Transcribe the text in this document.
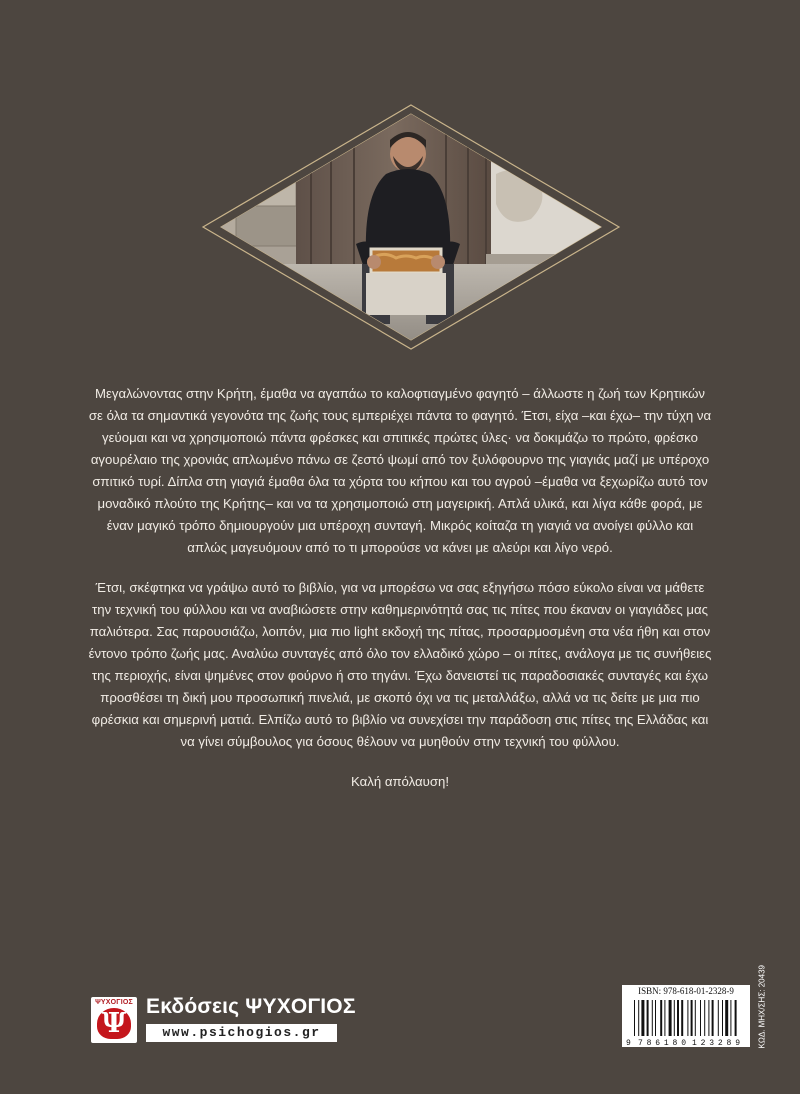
Μεγαλώνοντας στην Κρήτη, έμαθα να αγαπάω το καλοφτιαγμένο φαγητό – άλλωστε η ζωή των Κρητικών σε όλα τα σημαντικά γεγονότα της ζωής τους εμπεριέχει πάντα το φαγητό. Έτσι, είχα –και έχω– την τύχη να γεύομαι και να χρησιμοποιώ πάντα φρέσκες και σπιτικές πρώτες ύλες· να δοκιμάζω το πρώτο, φρέσκο αγουρέλαιο της χρονιάς απλωμένο πάνω σε ζεστό ψωμί από τον ξυλόφουρνο της γιαγιάς μαζί με υπέροχο σπιτικό τυρί. Δίπλα στη γιαγιά έμαθα όλα τα χόρτα του κήπου και του αγρού –έμαθα να ξεχωρίζω αυτό τον μοναδικό πλούτο της Κρήτης– και να τα χρησιμοποιώ στη μαγειρική. Απλά υλικά, και λίγα κάθε φορά, με έναν μαγικό τρόπο δημιουργούν μια υπέροχη συνταγή. Μικρός κοίταζα τη γιαγιά να ανοίγει φύλλο και απλώς μαγευόμουν από το τι μπορούσε να κάνει με αλεύρι και λίγο νερό.

Έτσι, σκέφτηκα να γράψω αυτό το βιβλίο, για να μπορέσω να σας εξηγήσω πόσο εύκολο είναι να μάθετε την τεχνική του φύλλου και να αναβιώσετε στην καθημερινότητά σας τις πίτες που έκαναν οι γιαγιάδες μας παλιότερα. Σας παρουσιάζω, λοιπόν, μια πιο light εκδοχή της πίτας, προσαρμοσμένη στα νέα ήθη και στον έντονο τρόπο ζωής μας. Αναλύω συνταγές από όλο τον ελλαδικό χώρο – οι πίτες, ανάλογα με τις συνήθειες της περιοχής, είναι ψημένες στον φούρνο ή στο τηγάνι. Έχω δανειστεί τις παραδοσιακές συνταγές και έχω προσθέσει τη δική μου προσωπική πινελιά, με σκοπό όχι να τις μεταλλάξω, αλλά να τις δείτε με μια πιο φρέσκια και σημερινή ματιά. Ελπίζω αυτό το βιβλίο να συνεχίσει την παράδοση στις πίτες της Ελλάδας και να γίνει σύμβουλος για όσους θέλουν να μυηθούν στην τεχνική του φύλλου.

Καλή απόλαυση!

ΨΥΧΟΓΙΟΣ
Ψ
Εκδόσεις ΨΥΧΟΓΙΟΣ
www.psichogios.gr
ISBN: 978-618-01-2328-9
9 786180 123289 ΚΩΔ. ΜΗΧ/ΣΗΣ: 20439
